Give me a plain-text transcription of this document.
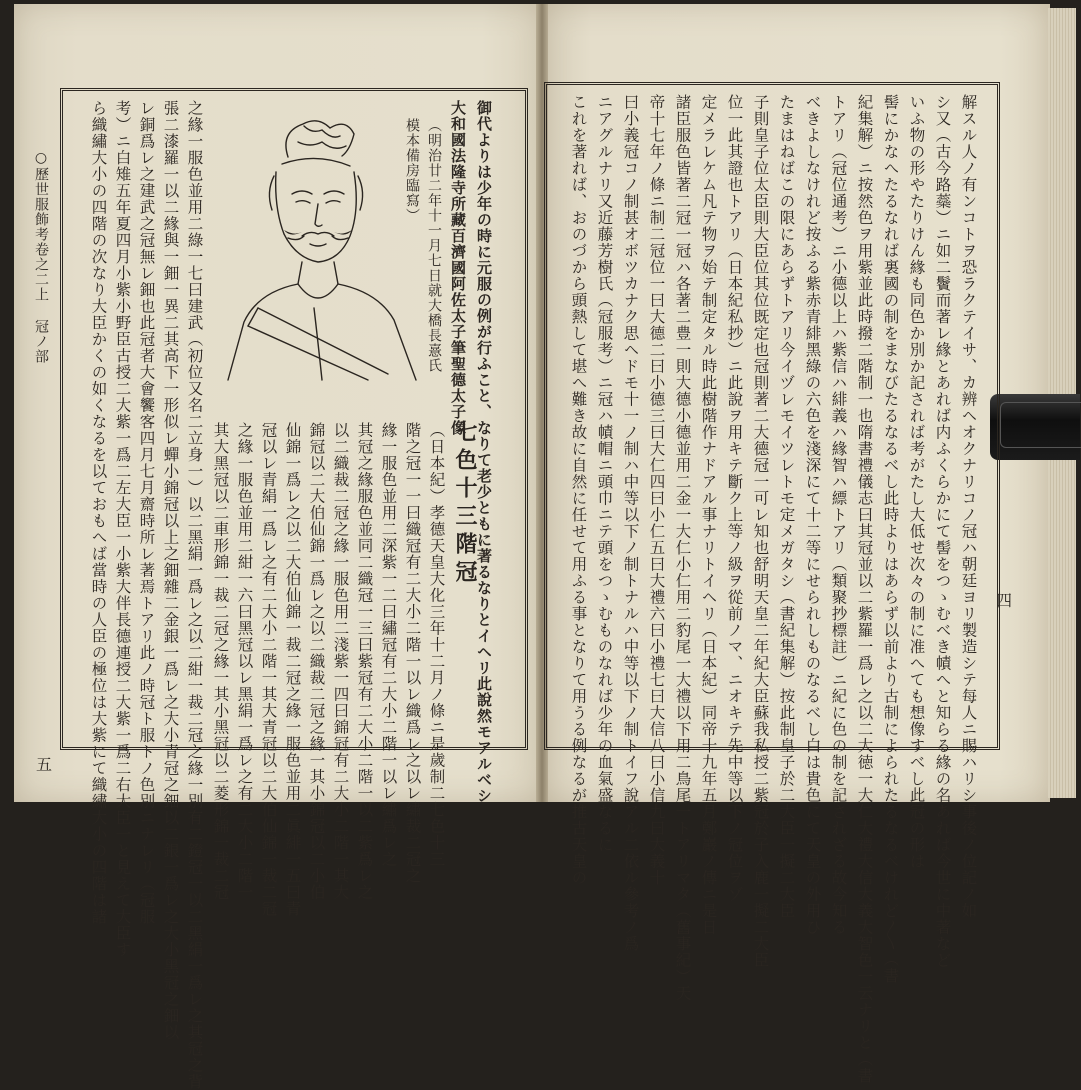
○歷世服飾考卷之二上 冠ノ部
五	御代よりは少年の時に元服の例が行ふこと、なりて老少ともに著るなりとイヘリ此說然モアルベシ
大和國法隆寺所藏百濟國阿佐太子筆聖德太子像
（明治廿二年十一月七日就大橋長憙氏
模本備房臨寫）
七色十三階冠
（日本紀）孝德天皇大化三年十二月ノ條ニ是歲制二七色十三
階之冠一一曰織冠有二大小二階一以レ織爲レ之以レ繡裁二冠之
緣一服色並用二深紫一二曰繡冠有二大小二階一以レ繡爲レ之
其冠之緣服色並同二織冠一三曰紫冠有二大小二階一以二紫爲レ之
以二織裁二冠之緣一服色用二淺紫一四曰錦冠有二大小二階一其大
錦冠以二大伯仙錦一爲レ之以二織裁二冠之緣一其小錦冠以二小伯
仙錦一爲レ之以二大伯仙錦一裁二冠之緣一服色並用二眞緋一五曰青
冠以レ青絹一爲レ之有二大小二階一其大青冠以二大伯仙錦一裁二冠
之緣一服色並用二紺一六曰黑冠以レ黑絹一爲レ之有二大小二階一
其大黑冠以二車形錦一裁二冠之緣一其小黑冠以二菱形錦一裁二冠
之緣一服色並用二綠一七曰建武（初位又名二立身一）以二黑絹一爲レ之以二紺一裁二冠之緣一別有二鐙冠一以二黑絹一爲レ之其冠之背
張二漆羅一以二緣與一鈿一異二其高下一形似レ蟬小錦冠以上之鈿雜二金銀一爲レ之大小青冠之鈿以二銀一爲レ之大小黑冠之鈿以
レ銅爲レ之建武之冠無レ鈿也此冠者大會饗客四月七月齋時所レ著焉トアリ此ノ時冠ト服トノ色別ニナレリ（冠服
考）ニ白雉五年夏四月小紫小野臣古授二大紫一爲二左大臣一小紫大伴長德連授二大紫一爲二右大臣一と見えて大臣す
ら織繡大小の四階の次なり大臣かくの如くなるを以ておもへば當時の人臣の極位は大紫にて織繡大小の四階は諸	解スル人ノ有ンコトヲ恐ラクテイサ、カ辨ヘオクナリコノ冠ハ朝廷ヨリ製造シテ每人ニ賜ハリシ事後ノ位記ノ如
シ又（古今路蘂）ニ如二鬢而著レ緣とあれば内ふくらかにて髻をつゝむべき幘へと知らる緣の名あれば今世に中著など
いふ物の形やたりけん緣も同色か別か記されば考がたし大低せ次々の制に准へても想像すべし此冠の形は
髻にかなへたるなれば裏國の制をまなびたるなるべし此時よりはあらず以前より古制によられたるなるべけれど〳〵（書
紀集解）ニ按然色ヲ用紫並此時撥二階制一也隋書禮儀志曰其冠並以二紫羅一爲レ之以二大徳一大仁大禮大信大義大智色一云ナリと（書
トアリ（冠位通考）ニ小德以上ハ紫信ハ緋義ハ緣智ハ縹トアリ（類聚抄標註）ニ紀に色の制を記されざる故今知る
べきよしなけれど按ふる紫赤青緋黑綠の六色を淺深にて十二等にせられしものなるべし白は貴色にて天皇の外用ひ
たまはねばこの限にあらずトアリ今イヅレモイツレトモ定メガタシ（書紀集解）按此制皇子於二大臣一擬二大臣
子則皇子位太臣則大臣位其位既定也冠則著二大德冠一可レ知也舒明天皇二年紀大臣蘇我私授二紫冠於子入鹿一擬二大臣
位一此其證也トアリ（日本紀私抄）ニ此說ヲ用キテ斷ク上等ノ級ヲ從前ノマ、ニオキテ先中等以下ノ冠位ヲゾ
定メラレケム凡テ物ヲ始テ制定タル時此樹階作ナドアル事ナリトイヘリ（日本紀）同帝十九年五月鄭巖ノ傳ニ是日
諸臣服色皆著二冠一冠ハ各著二豊一則大德小德並用二金一大仁小仁用二豹尾一大禮以下用二鳥尾一トアリマタ（舊事紀）天
帝十七年ノ條ニ制二冠位一曰大德二曰小德三曰大仁四曰小仁五曰大禮六曰小禮七曰大信八曰小信九曰大義十
曰小義冠コノ制甚オボツカナク思ヘドモ十一ノ制ハ中等以下ノ制トナルハ中等以下ノ制トイフ說アル二依ル參考ノ爲
ニアグルナリ又近藤芳樹氏（冠服考）ニ冠ハ幘帽ニ頭巾ニテ頭をつゝむものなれば少年の血氣盛なるに
これを著れば、おのづから頭熱して堪へ難き故に自然に任せて用ふる事となりて用うる例なるが推古天皇の	四
